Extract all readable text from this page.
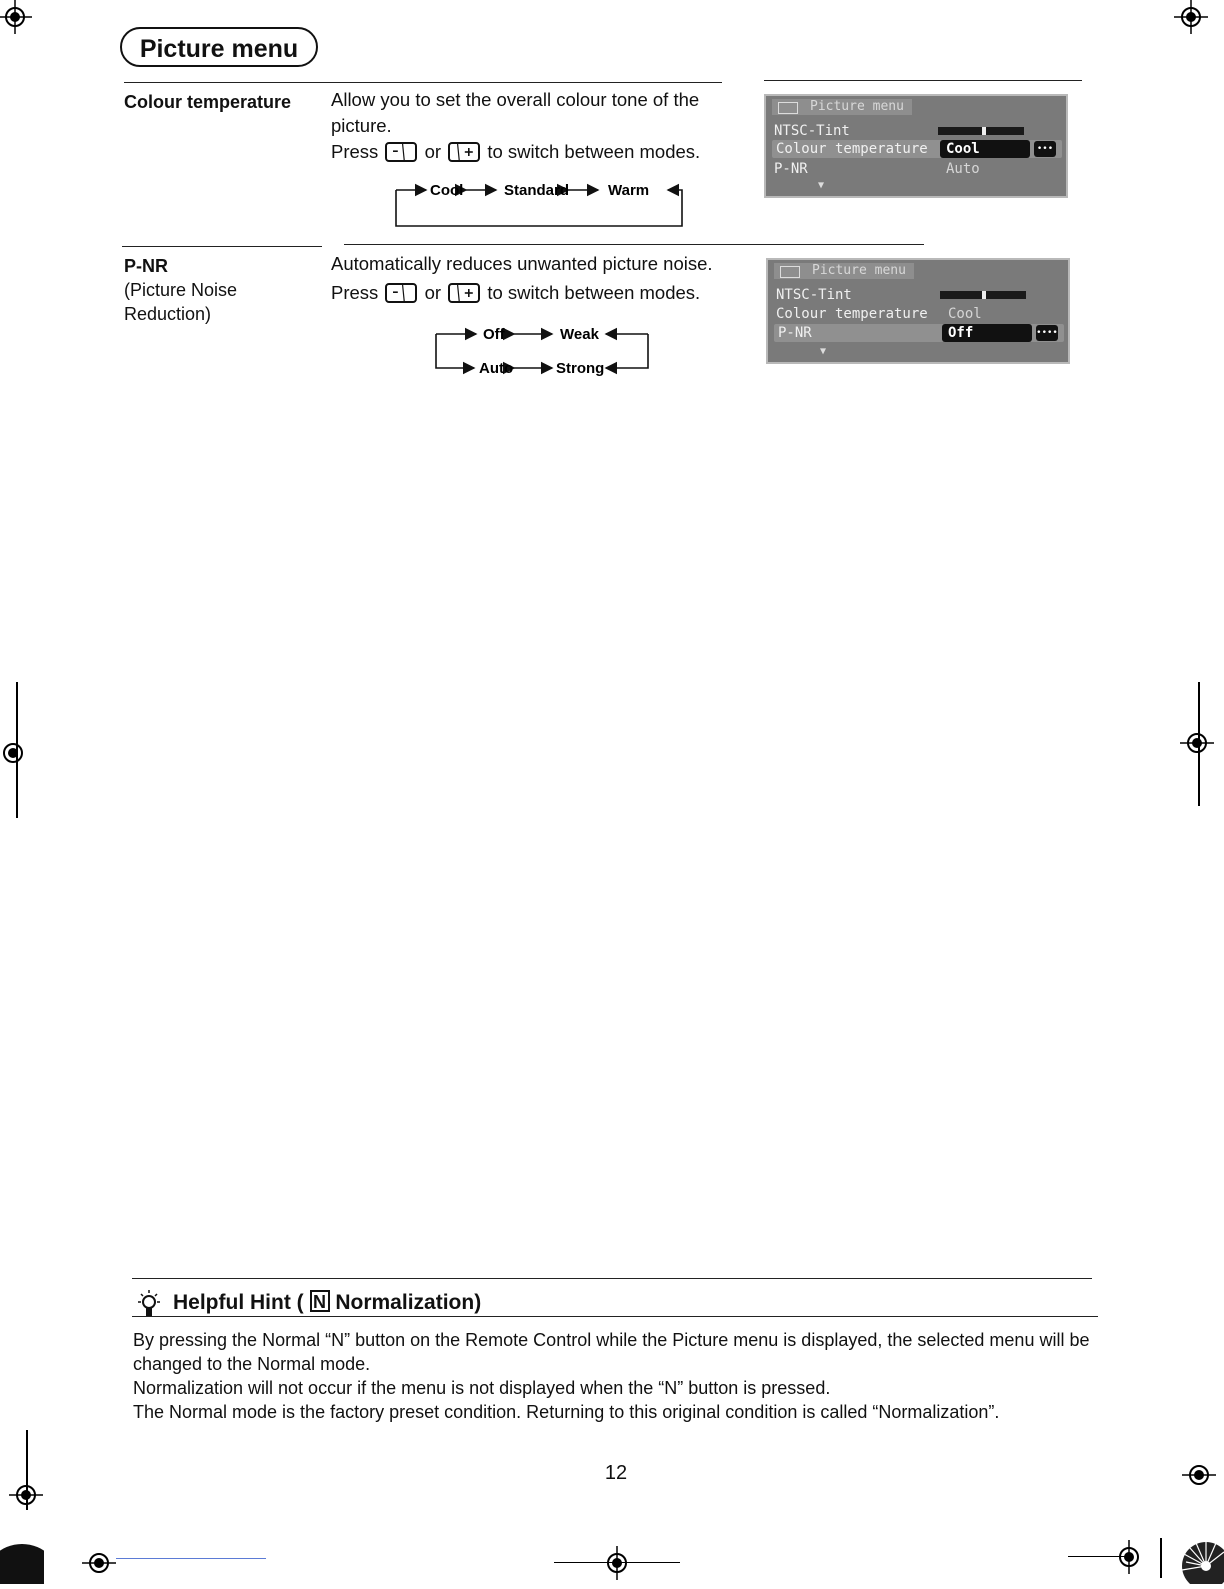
Picture menu
Colour temperature	Allow you to set the overall colour tone of the picture.
Press	or	to switch between modes.
Cool	Standard	Warm
Picture menu
NTSC-Tint
Colour temperature	Cool	•••
P-NR	Auto
▼
P-NR
(Picture Noise Reduction)
Automatically reduces unwanted picture noise.
Press	or	to switch between modes.
Off	Weak
Auto	Strong
Picture menu
NTSC-Tint
Colour temperature Cool
P-NR	Off	••••
▼
Helpful Hint ( N Normalization)
By pressing the Normal “N” button on the Remote Control while the Picture menu is displayed, the selected menu will be changed to the Normal mode.
Normalization will not occur if the menu is not displayed when the “N” button is pressed.
The Normal mode is the factory preset condition. Returning to this original condition is called “Normalization”.
12
